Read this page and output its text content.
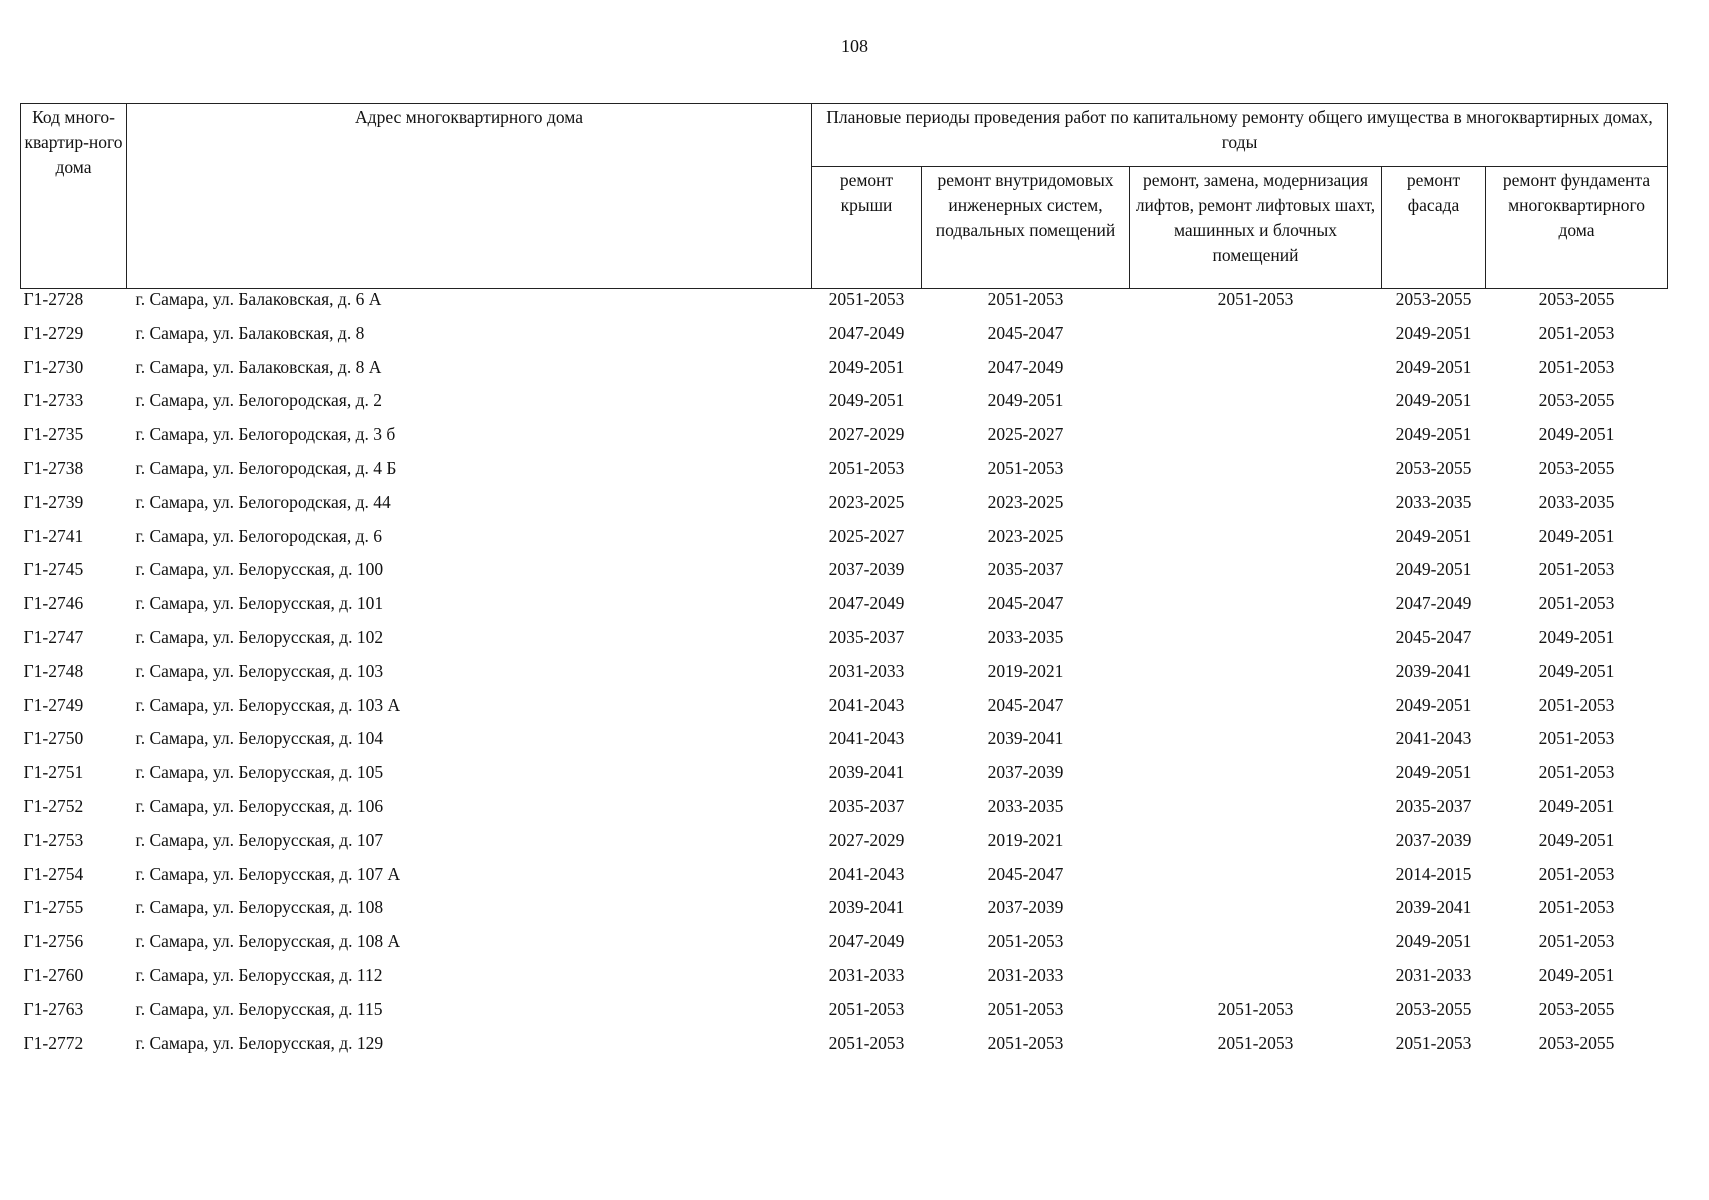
108
Код много-квартир-ного дома	Адрес многоквартирного дома	Плановые периоды проведения работ по капитальному ремонту общего имущества в многоквартирных домах, годы				
		ремонт крыши	ремонт внутридомовых инженерных систем, подвальных помещений	ремонт, замена, модернизация лифтов, ремонт лифтовых шахт, машинных и блочных помещений	ремонт фасада	ремонт фундамента многоквартирного дома
Г1-2728	г. Самара, ул. Балаковская, д. 6 А	2051-2053	2051-2053	2051-2053	2053-2055	2053-2055
Г1-2729	г. Самара, ул. Балаковская, д. 8	2047-2049	2045-2047		2049-2051	2051-2053
Г1-2730	г. Самара, ул. Балаковская, д. 8 А	2049-2051	2047-2049		2049-2051	2051-2053
Г1-2733	г. Самара, ул. Белогородская, д. 2	2049-2051	2049-2051		2049-2051	2053-2055
Г1-2735	г. Самара, ул. Белогородская, д. 3 б	2027-2029	2025-2027		2049-2051	2049-2051
Г1-2738	г. Самара, ул. Белогородская, д. 4 Б	2051-2053	2051-2053		2053-2055	2053-2055
Г1-2739	г. Самара, ул. Белогородская, д. 44	2023-2025	2023-2025		2033-2035	2033-2035
Г1-2741	г. Самара, ул. Белогородская, д. 6	2025-2027	2023-2025		2049-2051	2049-2051
Г1-2745	г. Самара, ул. Белорусская, д. 100	2037-2039	2035-2037		2049-2051	2051-2053
Г1-2746	г. Самара, ул. Белорусская, д. 101	2047-2049	2045-2047		2047-2049	2051-2053
Г1-2747	г. Самара, ул. Белорусская, д. 102	2035-2037	2033-2035		2045-2047	2049-2051
Г1-2748	г. Самара, ул. Белорусская, д. 103	2031-2033	2019-2021		2039-2041	2049-2051
Г1-2749	г. Самара, ул. Белорусская, д. 103 А	2041-2043	2045-2047		2049-2051	2051-2053
Г1-2750	г. Самара, ул. Белорусская, д. 104	2041-2043	2039-2041		2041-2043	2051-2053
Г1-2751	г. Самара, ул. Белорусская, д. 105	2039-2041	2037-2039		2049-2051	2051-2053
Г1-2752	г. Самара, ул. Белорусская, д. 106	2035-2037	2033-2035		2035-2037	2049-2051
Г1-2753	г. Самара, ул. Белорусская, д. 107	2027-2029	2019-2021		2037-2039	2049-2051
Г1-2754	г. Самара, ул. Белорусская, д. 107 А	2041-2043	2045-2047		2014-2015	2051-2053
Г1-2755	г. Самара, ул. Белорусская, д. 108	2039-2041	2037-2039		2039-2041	2051-2053
Г1-2756	г. Самара, ул. Белорусская, д. 108 А	2047-2049	2051-2053		2049-2051	2051-2053
Г1-2760	г. Самара, ул. Белорусская, д. 112	2031-2033	2031-2033		2031-2033	2049-2051
Г1-2763	г. Самара, ул. Белорусская, д. 115	2051-2053	2051-2053	2051-2053	2053-2055	2053-2055
Г1-2772	г. Самара, ул. Белорусская, д. 129	2051-2053	2051-2053	2051-2053	2051-2053	2053-2055
